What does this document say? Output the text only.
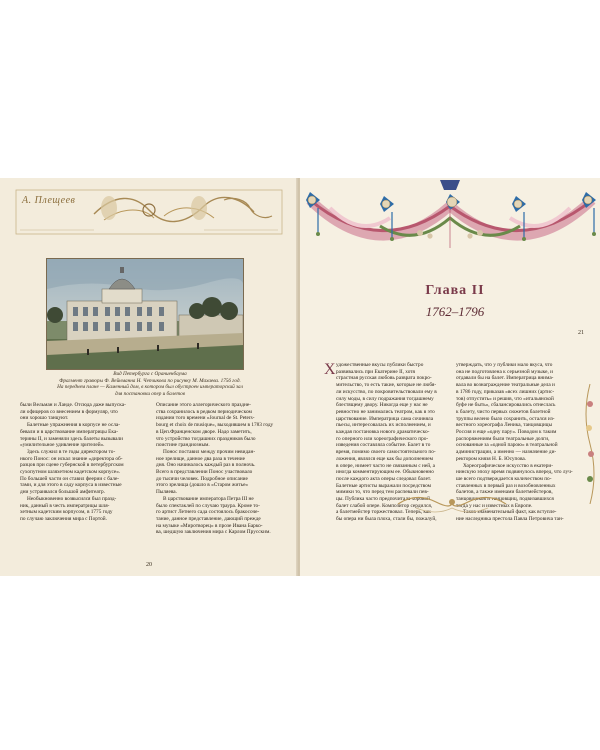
А. Плещеев
Вид Петербурга с Ораниенбаума
Фрагмент гравюры Ф. Вейнманна Н. Чепчикова по рисунку М. Махаева. 1756 год.
На переднем плане — Каменный дом, в котором был обустроен императорский зал
для постановки опер и балетов
были Вельман и Ланде. Отсюда даже выпуска-
ли офицеров со внесением в формуляр, что
они хорошо танцуют.
Балетные упражнения в корпусе не осла-
бевали и в царствование императрицы Ека-
терины II, и заменяли здесь балеты вызывали
«умилительное удивление зрителей».
Здесь служил в те годы директором то-
нкого Понос: он искал знание «директора об-
разцов при сцене губернской в петербургском
сухопутном шляхетном кадетском корпусе».
По большей части он ставил феерии с бале-
тами, и для этого в саду корпуса в известные
дни устраивался большой амфитеатр.
Необыкновенно возвысился был празд-
ник, данный в честь императрицы шля-
хетным кадетским корпусом, в 1775 году
по случаю заключения мира с Портой.
Описание этого аллегорического праздне-
ства сохранилось в редком периодическом
издании того времени «Journal de St. Peters-
bourg et choix de musique», выходившем в 1783 году
в Цеп.Франценском дворе. Надо заметить,
что устройство тогдашних праздников было
поистине грандиозным.
Понос поставил между прочим невидан-
ное зрелище, данное два раза в течение
дня. Оно начиналось каждый раз в полночь.
Всего в представлении Понос участвовало
до тысячи человек. Подробное описание
этого зрелища (дошло в «Старом житье»
Пыляева.
В царствование императора Петра III не
было спектаклей по случаю траура. Кроме то-
го артист Летнего сада состоялось бракосоче-
тание, данное представление, дающий прежде
на музыке «Миротворец» в прозе Ивана Барко-
ва, шедшую заключения мира с Карлом Прусским.
20
Глава II
1762–1796
21
Х удожественные вкусы публики быстро
развивались при Екатерине II, хотя
страстная русская любовь разврата покро-
мительство, то есть такие, которые не любя-
ли искусство, по покровительствовали ему в
силу моды, в силу подражания тогдашнему
блестящему двору. Никогда еще у нас не
ревностно не занимались театром, как в это
царствование. Императрица сама сочиняла
пьесы, интересовалась их исполнением, и
каждая постановка нового драматическо-
го оперного или хореографического про-
изведения составляла событие. Балет в то
время, помимо своего самостоятельного по-
ложения, являлся еще как бы дополнением
в опере, нимеет часто не связанным с ней, а
иногда комментирующим ее. Обыкновенно
после каждого акта оперы следовал балет.
Балетные артисты выражали посредством
мимики то, что перед тем распевали пев-
цы. Публика часто предпочитала хоровой
балет слабой опере. Композитор сердился,
а балетмейстер торжествовал. Теперь, как
бы опера ни была плоха, стали бы, пожалуй,
утверждать, что у публики мало вкуса, что
она не подготовлена к серьезной музыке, и
отдавали бы на балет. Императрица внима-
вала во вознаграждение театральные дела и
в 1786 году, приказав «всех лишних (артис-
тов) отпустить» и решив, что «итальянской
буфе не быть», сбалансировались отнеслась
к балету, чисто первых сюжетов балетной
труппы велено было сохранить, остался из-
вестного хореографа Леника, танцовщицы
Россия и еще «одну пару». Поводом к таким
распоряжениям были театральные долги,
основанные за «одной парою» в театральной
администрации, а именно — назначение ди-
ректором князя Н. Б. Юсупова.
Хореографическое искусство в екатери-
нинскую эпоху время подвинулось вперед, что луч-
ше всего подтверждается количеством по-
ставленных в первый раз и возобновленных
балетов, а также именами балетмейстеров,
танцовщиков и танцовщиц, подвизавшихся
тогда у нас и известных в Европе.
Таков знаменательный факт, как вступле-
ние наследника престола Павла Петровича тан-
